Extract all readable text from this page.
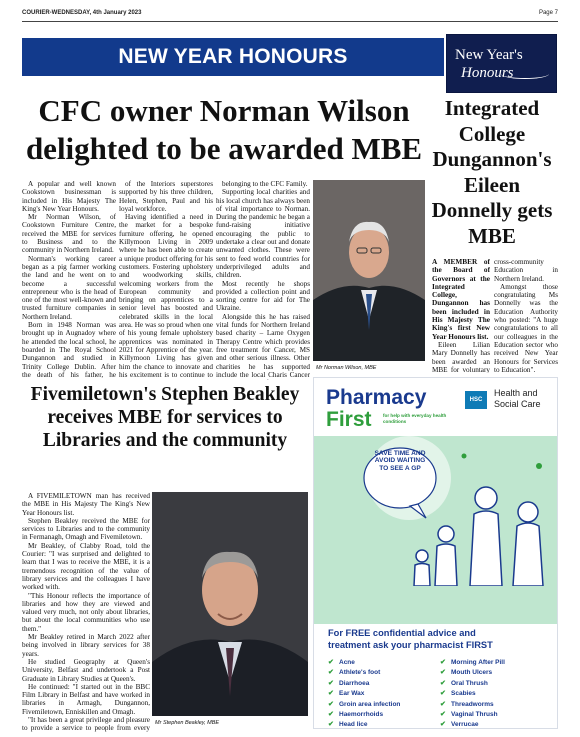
COURIER-WEDNESDAY, 4th January 2023	Page 7
NEW YEAR HONOURS	New Year's
Honours
CFC owner Norman Wilson delighted to be awarded MBE

A popular and well known Cookstown businessman is included in His Majesty The King's New Year Honours.

Mr Norman Wilson, of Cookstown Furniture Centre, received the MBE for services to Business and to the community in Northern Ireland.

Norman's working career began as a pig farmer working the land and he went on to become a successful entrepreneur who is the head of one of the most well-known and trusted furniture companies in Northern Ireland.

Born in 1948 Norman was brought up in Augnadoy where he attended the local school, he boarded in The Royal School Dungannon and studied in Trinity College Dublin. After the death of his father, he

of the Interiors superstores supported by his three children, Helen, Stephen, Paul and his loyal workforce.

Having identified a need in the market for a bespoke furniture offering, he opened Killymoon Living in 2009 where he has been able to create a unique product offering for his customers. Fostering upholstery and woodworking skills, welcoming workers from the European community and bringing on apprentices to a senior level has boosted and celebrated skills in the local area. He was so proud when one of his young female upholstery apprentices was nominated in 2021 for Apprentice of the year. Killymoon Living has given him the chance to innovate and his excitement is to continue to

belonging to the CFC Family.

Supporting local charities and his local church has always been of vital importance to Norman. During the pandemic he began a fund-raising initiative encouraging the public to undertake a clear out and donate unwanted clothes. These were sent to feed world countries for underprivileged adults and children.

Most recently he shops provided a collection point and sorting centre for aid for The Ukraine.

Alongside this he has raised vital funds for Northern Ireland based charity – Larne Oxygen Therapy Centre which provides free treatment for Cancer, MS and other serious illness. Other charities he has supported include the local Charis Cancer

Mr Norman Wilson, MBE
Integrated College Dungannon's Eileen Donnelly gets MBE

A MEMBER of the Board of Governors at the Integrated College, Dungannon has been included in His Majesty The King's first New Year Honours list.

Eileen Lilian Mary Donnelly has been awarded an MBE for voluntary

cross-community Education in Northern Ireland.

Amongst those congratulating Ms Donnelly was the Education Authority who posted: "A huge congratulations to all our colleagues in the Education sector who received New Year Honours for Services to Education".

Fivemiletown's Stephen Beakley receives MBE for services to Libraries and the community

A FIVEMILETOWN man has received the MBE in His Majesty The King's New Year Honours list.

Stephen Beakley received the MBE for services to Libraries and to the community in Fermanagh, Omagh and Fivemiletown.

Mr Beakley, of Clabby Road, told the Courier: "I was surprised and delighted to learn that I was to receive the MBE, it is a tremendous recognition of the value of library services and the colleagues I have worked with.

"This Honour reflects the importance of libraries and how they are viewed and valued very much, not only about libraries, but about the local communities who use them."

Mr Beakley retired in March 2022 after being involved in library services for 38 years.

He studied Geography at Queen's University, Belfast and undertook a Post Graduate in Library Studies at Queen's.

He continued: "I started out in the BBC Film Library in Belfast and have worked in libraries in Armagh, Dungannon, Fivemiletown, Enniskillen and Omagh.

"It has been a great privilege and pleasure to provide a service to people from every

Mr Stephen Beakley, MBE
Pharmacy
First for help with everyday health conditions
HSC
Health and Social Care
SAVE TIME AND AVOID WAITING TO SEE A GP
For FREE confidential advice and
treatment ask your pharmacist FIRST
✔ Acne
✔ Athlete's foot
✔ Diarrhoea
✔ Ear Wax
✔ Groin area infection
✔ Haemorrhoids
✔ Head lice
✔ Morning After Pill
✔ Mouth Ulcers
✔ Oral Thrush
✔ Scabies
✔ Threadworms
✔ Vaginal Thrush
✔ Verrucae
